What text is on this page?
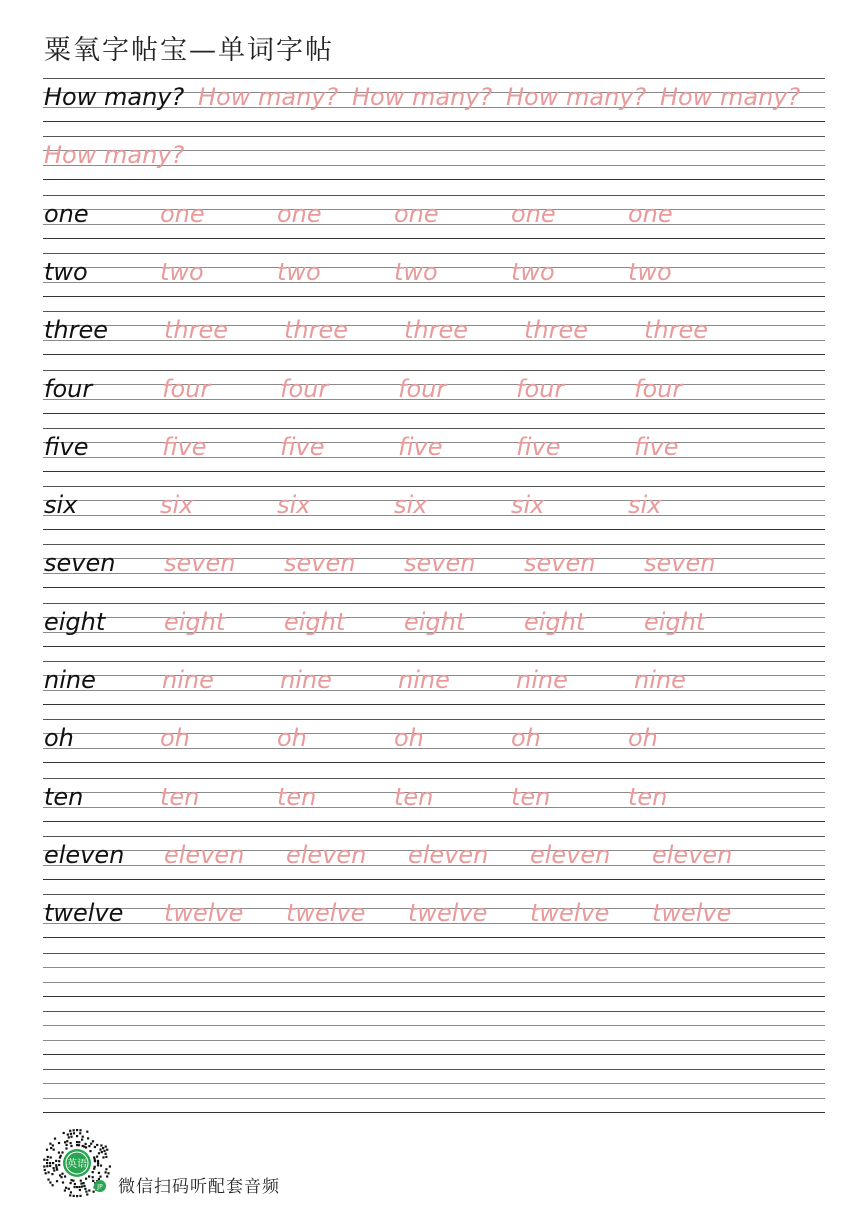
粟氧字帖宝—单词字帖
How many? How many? How many? How many? How many?
How many?
one	one	one	one	one	one
two	two	two	two	two	two
three three three three three three
four	four	four	four	four	four
five	five	five	five	five	five
six	six	six	six	six	six
seven seven seven seven seven seven
eight eight eight eight eight eight
nine	nine	nine	nine	nine	nine
oh	oh	oh	oh	oh	oh
ten	ten	ten	ten	ten	ten
eleven eleven eleven eleven eleven eleven
twelve twelve twelve twelve twelve twelve
英语
JP 微信扫码听配套音频
